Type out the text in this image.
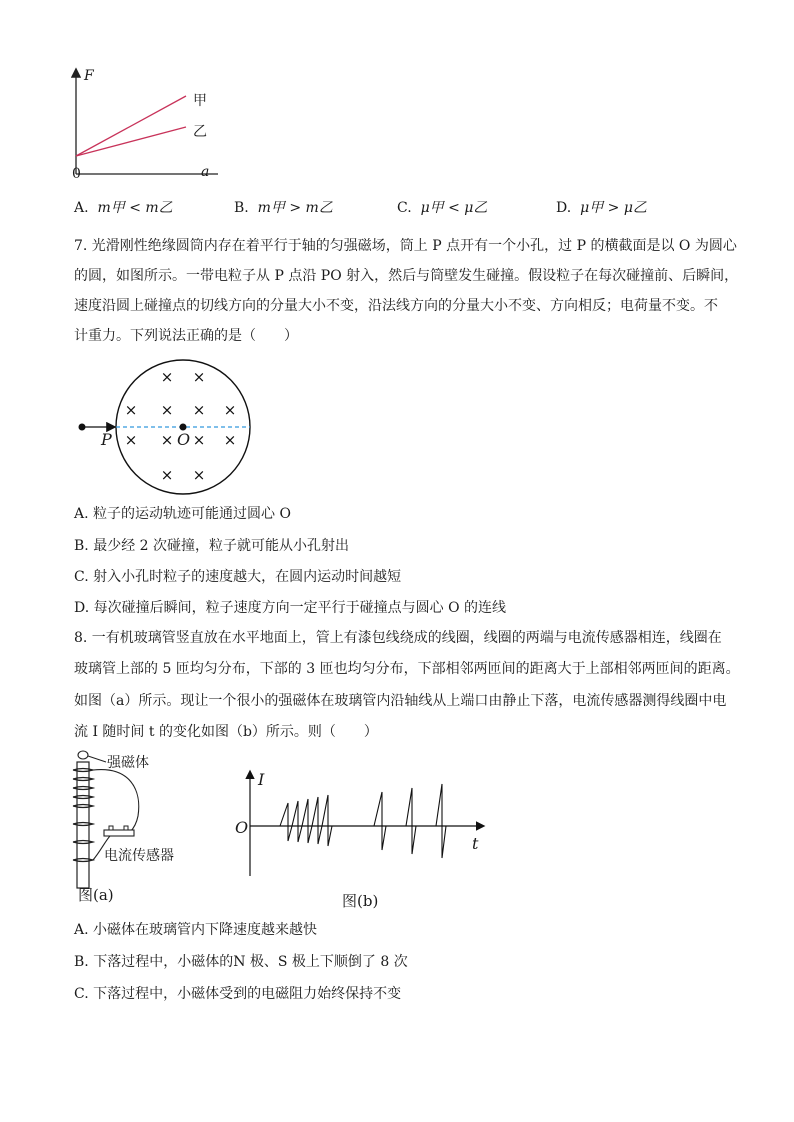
F
a
0
甲
乙
A. m甲 < m乙	B. m甲 > m乙	C. μ甲 < μ乙	D. μ甲 > μ乙
7. 光滑刚性绝缘圆筒内存在着平行于轴的匀强磁场，筒上 P 点开有一个小孔，过 P 的横截面是以 O 为圆心
的圆，如图所示。一带电粒子从 P 点沿 PO 射入，然后与筒壁发生碰撞。假设粒子在每次碰撞前、后瞬间，
速度沿圆上碰撞点的切线方向的分量大小不变，沿法线方向的分量大小不变、方向相反；电荷量不变。不
计重力。下列说法正确的是（　　）
× ×
× × × ×
× × × ×
× ×
P	O
A. 粒子的运动轨迹可能通过圆心 O
B. 最少经 2 次碰撞，粒子就可能从小孔射出
C. 射入小孔时粒子的速度越大，在圆内运动时间越短
D. 每次碰撞后瞬间，粒子速度方向一定平行于碰撞点与圆心 O 的连线
8. 一有机玻璃管竖直放在水平地面上，管上有漆包线绕成的线圈，线圈的两端与电流传感器相连，线圈在
玻璃管上部的 5 匝均匀分布，下部的 3 匝也均匀分布，下部相邻两匝间的距离大于上部相邻两匝间的距离。
如图（a）所示。现让一个很小的强磁体在玻璃管内沿轴线从上端口由静止下落，电流传感器测得线圈中电
流 I 随时间 t 的变化如图（b）所示。则（　　）
强磁体
电流传感器
图(a)
I
t
O
图(b)
A. 小磁体在玻璃管内下降速度越来越快
B. 下落过程中，小磁体的N 极、S 极上下顺倒了 8 次
C. 下落过程中，小磁体受到的电磁阻力始终保持不变
